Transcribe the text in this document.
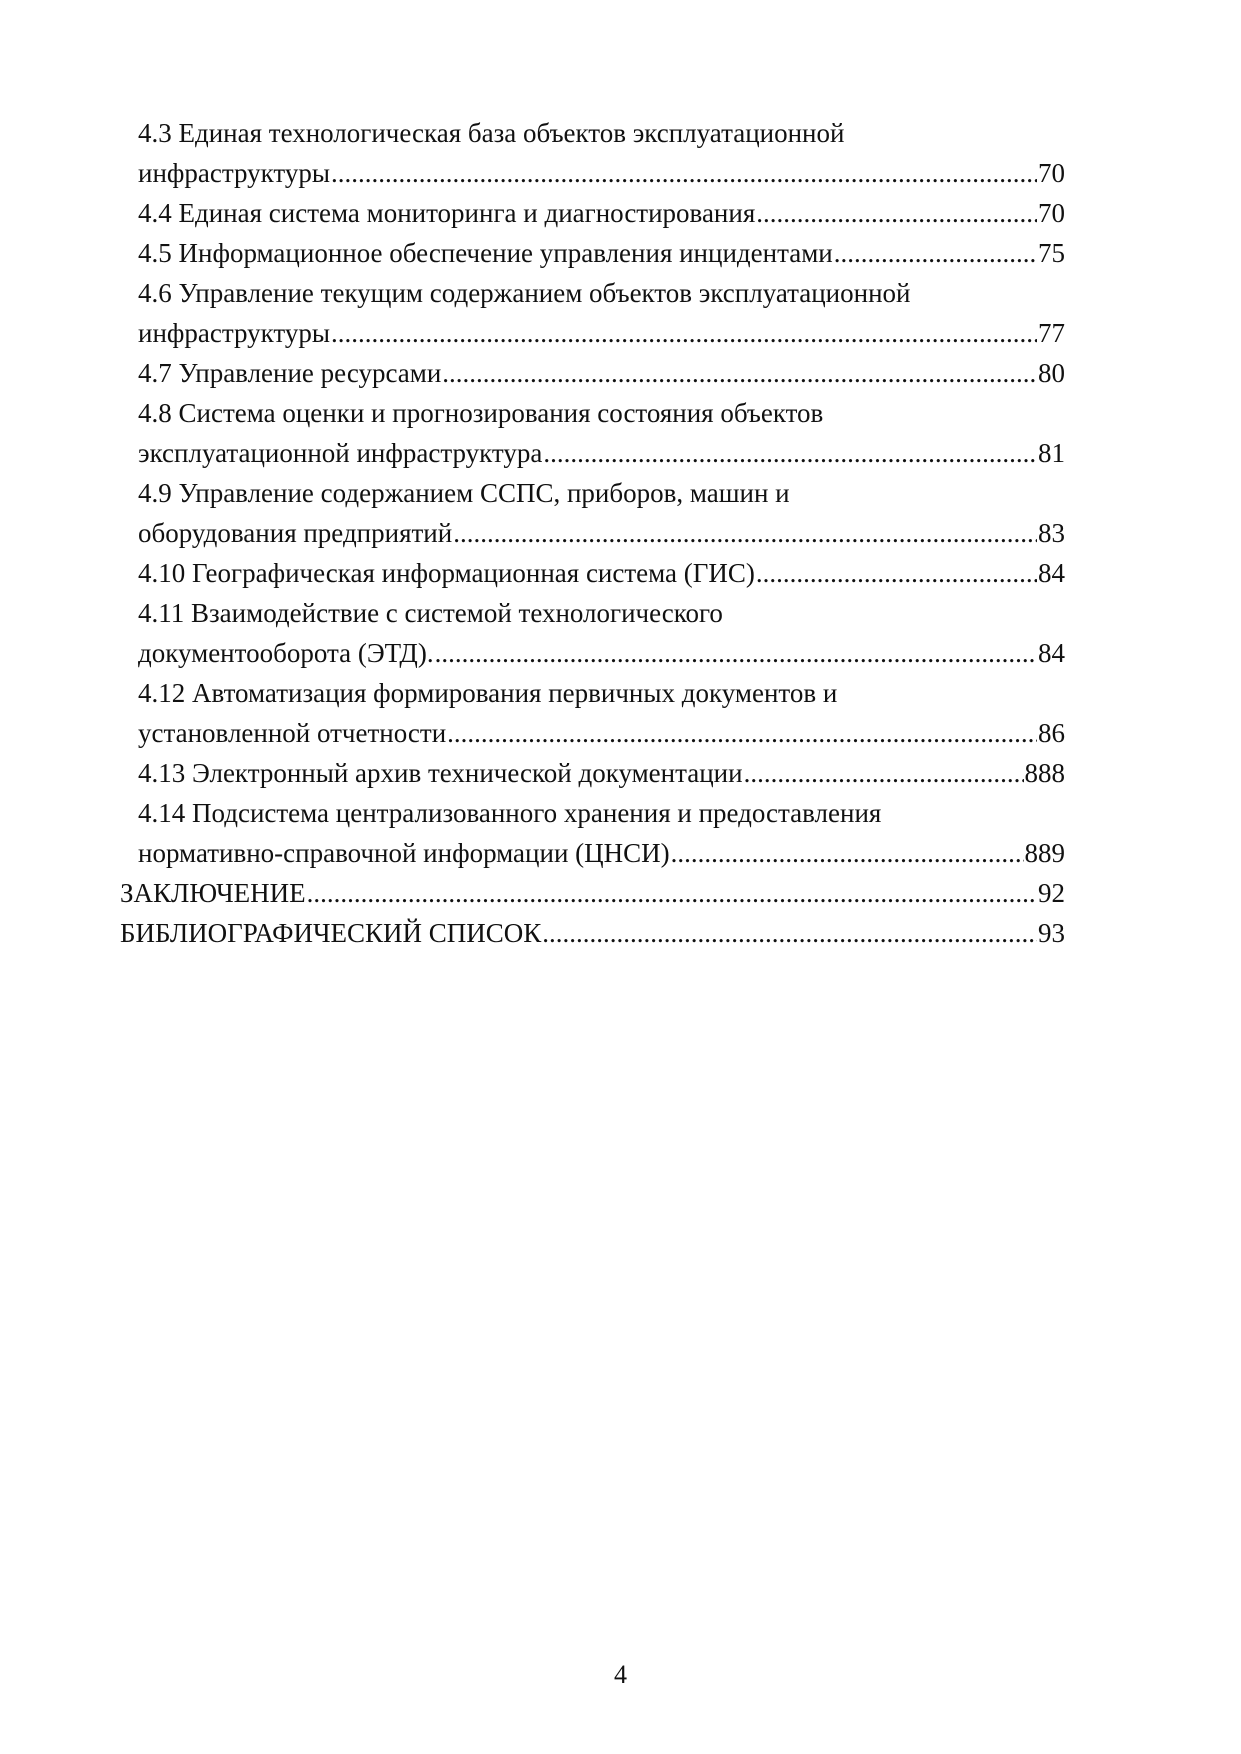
4.3 Единая технологическая база объектов эксплуатационной
инфраструктуры .....	70
4.4 Единая система мониторинга и диагностирования .....	70
4.5 Информационное обеспечение управления инцидентами .....	75
4.6 Управление текущим содержанием объектов эксплуатационной
инфраструктуры .....	77
4.7 Управление ресурсами .....	80
4.8 Система оценки и прогнозирования состояния объектов
эксплуатационной инфраструктура .....	81
4.9 Управление содержанием ССПС, приборов, машин и
оборудования предприятий .....	83
4.10 Географическая информационная система (ГИС) .....	84
4.11 Взаимодействие с системой технологического
документооборота (ЭТД). .....	84
4.12 Автоматизация формирования первичных документов и
установленной отчетности .....	86
4.13 Электронный архив технической документации .....	888
4.14 Подсистема централизованного хранения и предоставления
нормативно-справочной информации (ЦНСИ) .....	889
ЗАКЛЮЧЕНИЕ .....	92
БИБЛИОГРАФИЧЕСКИЙ СПИСОК .....	93
4
